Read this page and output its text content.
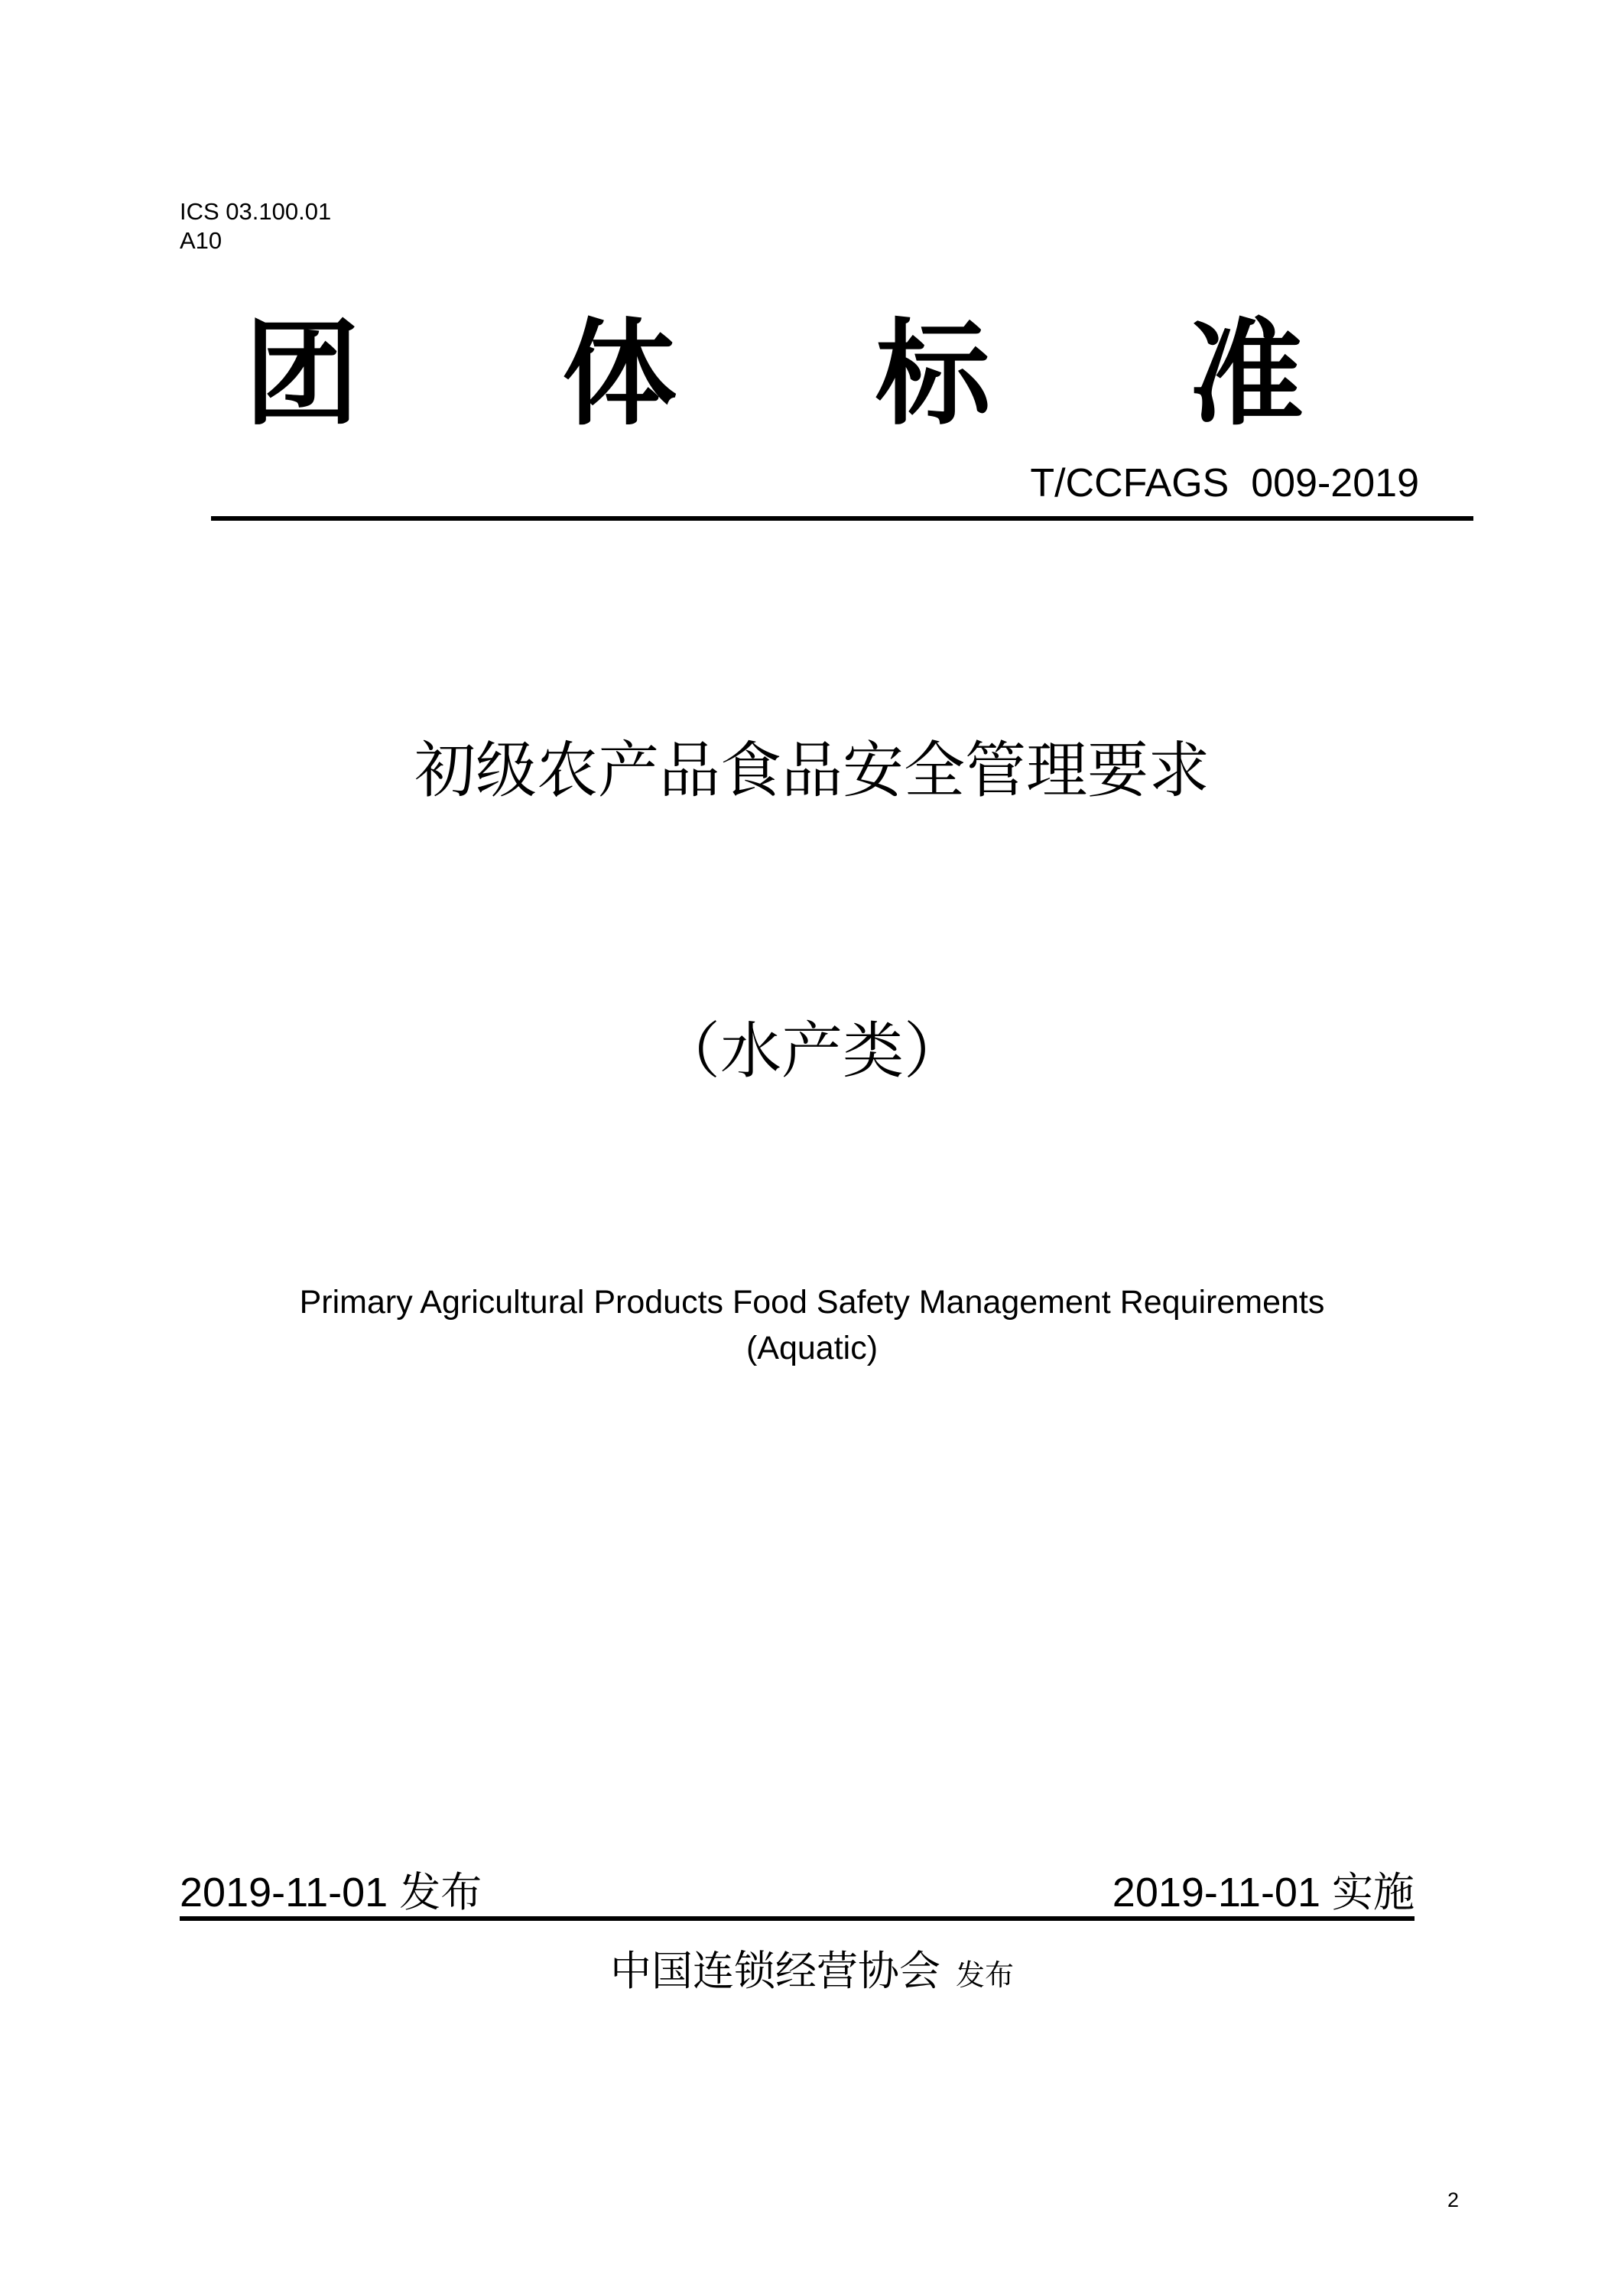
ICS 03.100.01
A10
团 体 标 准
T/CCFAGS  009-2019
初级农产品食品安全管理要求
（水产类）
Primary Agricultural Products Food Safety Management Requirements
(Aquatic)
2019-11-01 发布	2019-11-01 实施
中国连锁经营协会 发布
2
